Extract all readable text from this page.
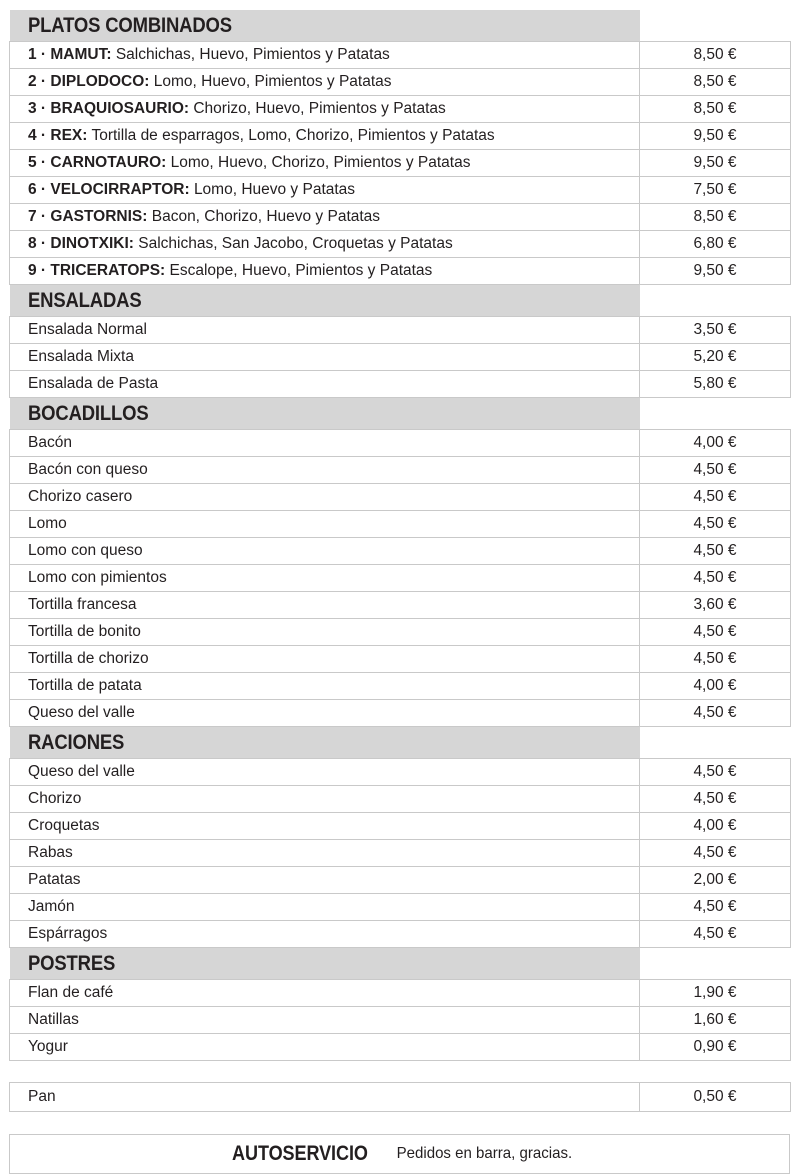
PLATOS COMBINADOS	
1 · MAMUT: Salchichas, Huevo, Pimientos y Patatas	8,50 €
2 · DIPLODOCO: Lomo, Huevo, Pimientos y Patatas	8,50 €
3 · BRAQUIOSAURIO: Chorizo, Huevo, Pimientos y Patatas	8,50 €
4 · REX: Tortilla de esparragos, Lomo, Chorizo, Pimientos y Patatas	9,50 €
5 · CARNOTAURO: Lomo, Huevo, Chorizo, Pimientos y Patatas	9,50 €
6 · VELOCIRRAPTOR: Lomo, Huevo y Patatas	7,50 €
7 · GASTORNIS: Bacon, Chorizo, Huevo y Patatas	8,50 €
8 · DINOTXIKI: Salchichas, San Jacobo, Croquetas y Patatas	6,80 €
9 · TRICERATOPS: Escalope, Huevo, Pimientos y Patatas	9,50 €
ENSALADAS	
Ensalada Normal	3,50 €
Ensalada Mixta	5,20 €
Ensalada de Pasta	5,80 €
BOCADILLOS	
Bacón	4,00 €
Bacón con queso	4,50 €
Chorizo casero	4,50 €
Lomo	4,50 €
Lomo con queso	4,50 €
Lomo con pimientos	4,50 €
Tortilla francesa	3,60 €
Tortilla de bonito	4,50 €
Tortilla de chorizo	4,50 €
Tortilla de patata	4,00 €
Queso del valle	4,50 €
RACIONES	
Queso del valle	4,50 €
Chorizo	4,50 €
Croquetas	4,00 €
Rabas	4,50 €
Patatas	2,00 €
Jamón	4,50 €
Espárragos	4,50 €
POSTRES	
Flan de café	1,90 €
Natillas	1,60 €
Yogur	0,90 €
Pan	0,50 €
AUTOSERVICIO Pedidos en barra, gracias.
